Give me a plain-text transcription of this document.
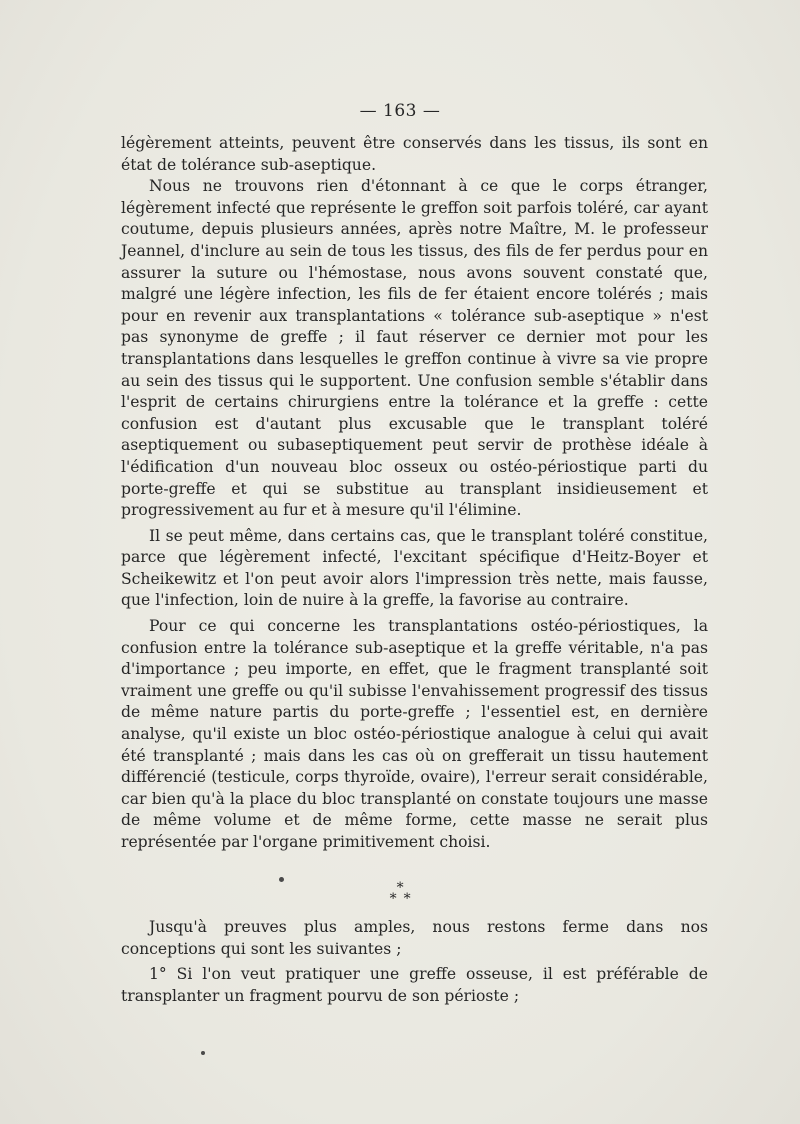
— 163 —

légèrement atteints, peuvent être conservés dans les tissus, ils sont en état de tolérance sub-aseptique.

Nous ne trouvons rien d'étonnant à ce que le corps étranger, légèrement infecté que représente le greffon soit parfois toléré, car ayant coutume, depuis plusieurs années, après notre Maître, M. le professeur Jeannel, d'inclure au sein de tous les tissus, des fils de fer perdus pour en assurer la suture ou l'hémostase, nous avons souvent constaté que, malgré une légère infection, les fils de fer étaient encore tolérés ; mais pour en revenir aux transplantations « tolérance sub-aseptique » n'est pas synonyme de greffe ; il faut réserver ce dernier mot pour les transplantations dans lesquelles le greffon continue à vivre sa vie propre au sein des tissus qui le supportent. Une confusion semble s'établir dans l'esprit de certains chirurgiens entre la tolérance et la greffe : cette confusion est d'autant plus excusable que le transplant toléré aseptiquement ou subaseptiquement peut servir de prothèse idéale à l'édification d'un nouveau bloc osseux ou ostéo-périostique parti du porte-greffe et qui se substitue au transplant insidieusement et progressivement au fur et à mesure qu'il l'élimine.

Il se peut même, dans certains cas, que le transplant toléré constitue, parce que légèrement infecté, l'excitant spécifique d'Heitz-Boyer et Scheikewitz et l'on peut avoir alors l'impression très nette, mais fausse, que l'infection, loin de nuire à la greffe, la favorise au contraire.

Pour ce qui concerne les transplantations ostéo-périostiques, la confusion entre la tolérance sub-aseptique et la greffe véritable, n'a pas d'importance ; peu importe, en effet, que le fragment transplanté soit vraiment une greffe ou qu'il subisse l'envahissement progressif des tissus de même nature partis du porte-greffe ; l'essentiel est, en dernière analyse, qu'il existe un bloc ostéo-périostique analogue à celui qui avait été transplanté ; mais dans les cas où on grefferait un tissu hautement différencié (testicule, corps thyroïde, ovaire), l'erreur serait considérable, car bien qu'à la place du bloc transplanté on constate toujours une masse de même volume et de même forme, cette masse ne serait plus représentée par l'organe primitivement choisi.

∗
∗ ∗

Jusqu'à preuves plus amples, nous restons ferme dans nos conceptions qui sont les suivantes ;

1° Si l'on veut pratiquer une greffe osseuse, il est préférable de transplanter un fragment pourvu de son périoste ;
